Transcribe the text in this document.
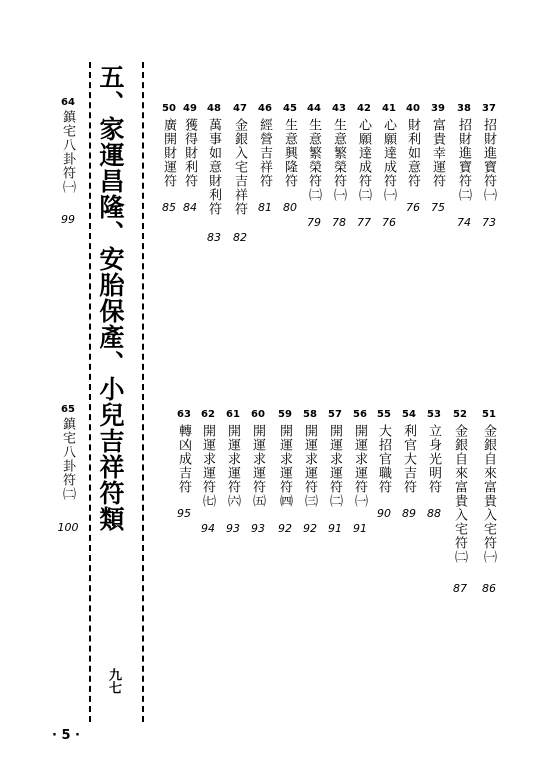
五、家運昌隆、安胎保產、小兒吉祥符類
九七
· 5 ·
64
鎮宅八卦符㈠
99
65
鎮宅八卦符㈡
100
37
招財進寶符㈠
73
38
招財進寶符㈡
74
39
富貴幸運符
75
40
財利如意符
76
41
心願達成符㈠
76
42
心願達成符㈡
77
43
生意繁榮符㈠
78
44
生意繁榮符㈡
79
45
生意興隆符
80
46
經營吉祥符
81
47
金銀入宅吉祥符
82
48
萬事如意財利符
83
49
獲得財利符
84
50
廣開財運符
85
51
金銀自來富貴入宅符㈠
86
52
金銀自來富貴入宅符㈡
87
53
立身光明符
88
54
利官大吉符
89
55
大招官職符
90
56
開運求運符㈠
91
57
開運求運符㈡
91
58
開運求運符㈢
92
59
開運求運符㈣
92
60
開運求運符㈤
93
61
開運求運符㈥
93
62
開運求運符㈦
94
63
轉凶成吉符
95
